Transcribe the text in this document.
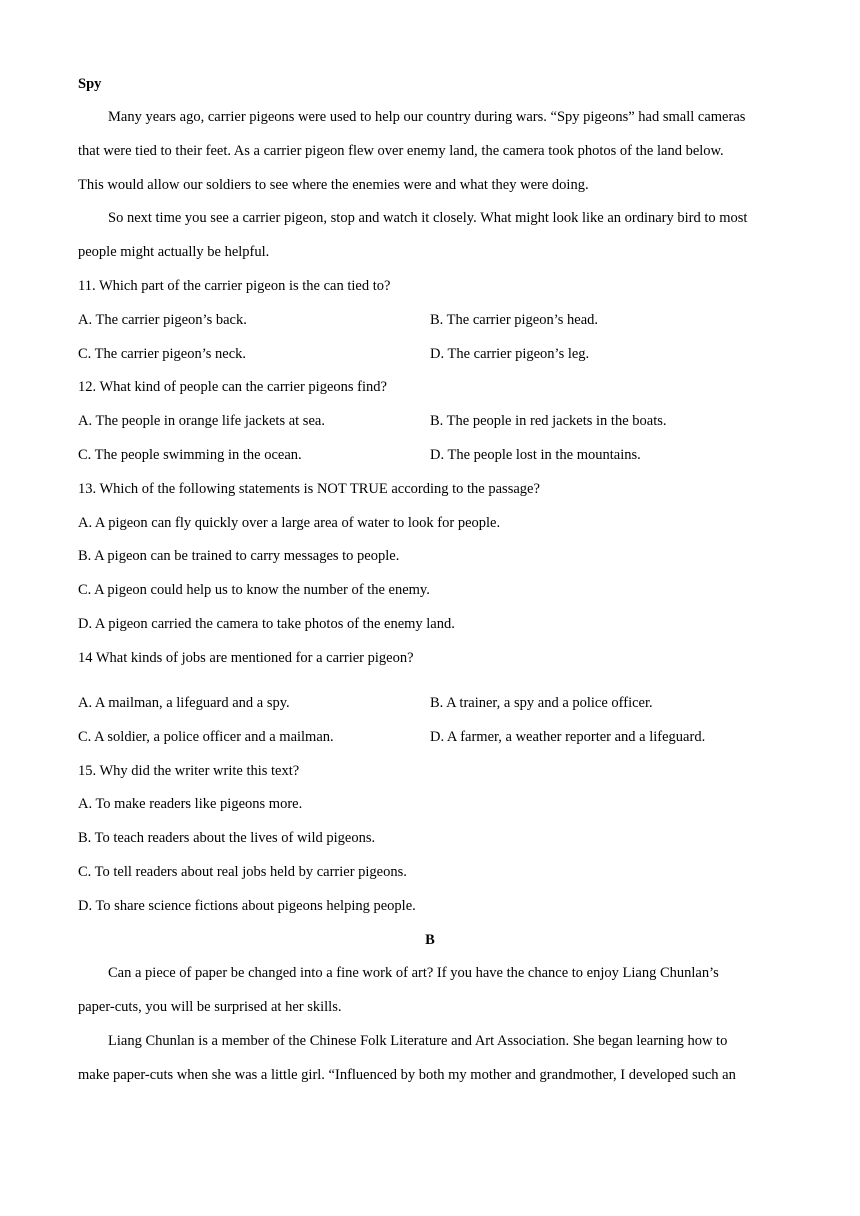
Spy
Many years ago, carrier pigeons were used to help our country during wars. “Spy pigeons” had small cameras
that were tied to their feet. As a carrier pigeon flew over enemy land, the camera took photos of the land below.
This would allow our soldiers to see where the enemies were and what they were doing.
So next time you see a carrier pigeon, stop and watch it closely. What might look like an ordinary bird to most
people might actually be helpful.
11. Which part of the carrier pigeon is the can tied to?
A. The carrier pigeon’s back.	B. The carrier pigeon’s head.
C. The carrier pigeon’s neck.	D. The carrier pigeon’s leg.
12. What kind of people can the carrier pigeons find?
A. The people in orange life jackets at sea.	B. The people in red jackets in the boats.
C. The people swimming in the ocean.	D. The people lost in the mountains.
13. Which of the following statements is NOT TRUE according to the passage?
A. A pigeon can fly quickly over a large area of water to look for people.
B. A pigeon can be trained to carry messages to people.
C. A pigeon could help us to know the number of the enemy.
D. A pigeon carried the camera to take photos of the enemy land.
14 What kinds of jobs are mentioned for a carrier pigeon?
A. A mailman, a lifeguard and a spy.	B. A trainer, a spy and a police officer.
C. A soldier, a police officer and a mailman.	D. A farmer, a weather reporter and a lifeguard.
15. Why did the writer write this text?
A. To make readers like pigeons more.
B. To teach readers about the lives of wild pigeons.
C. To tell readers about real jobs held by carrier pigeons.
D. To share science fictions about pigeons helping people.
B
Can a piece of paper be changed into a fine work of art? If you have the chance to enjoy Liang Chunlan’s
paper-cuts, you will be surprised at her skills.
Liang Chunlan is a member of the Chinese Folk Literature and Art Association. She began learning how to
make paper-cuts when she was a little girl. “Influenced by both my mother and grandmother, I developed such an
